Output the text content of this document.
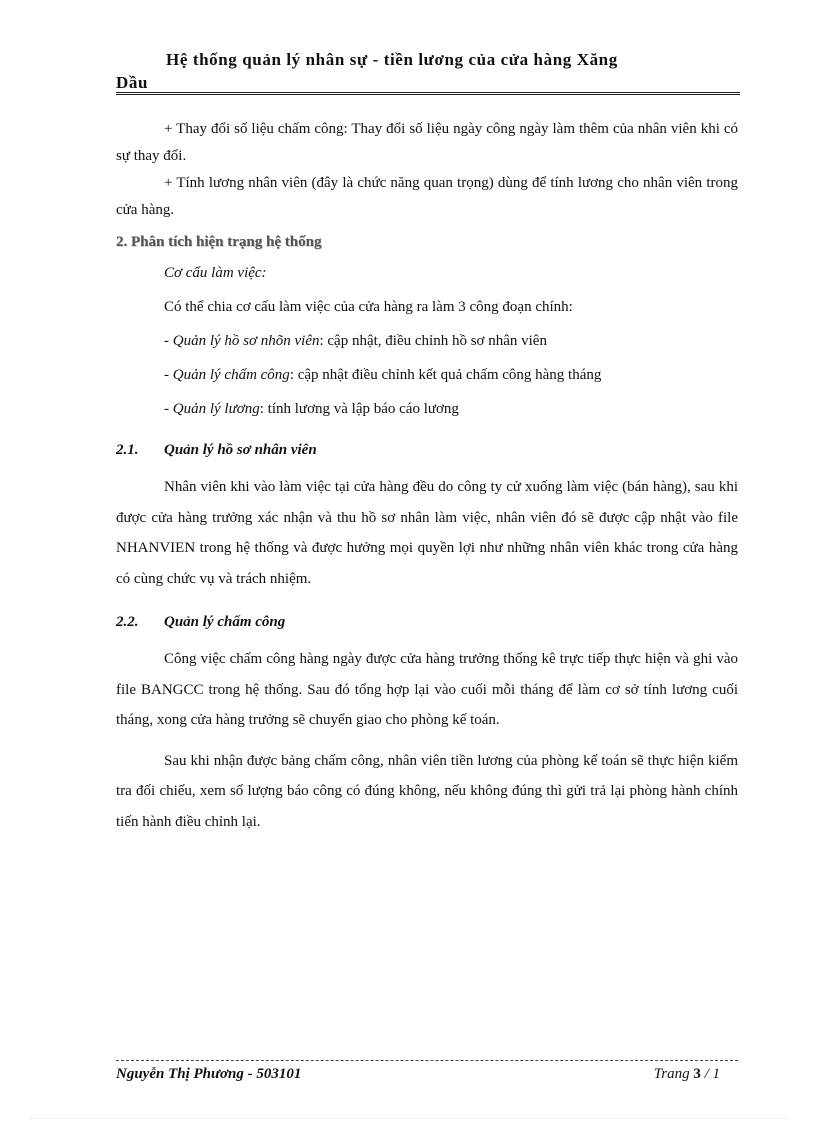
Hệ thống quản lý nhân sự - tiền lương của cửa hàng Xăng
Dầu

+ Thay đổi số liệu chấm công: Thay đổi số liệu ngày công ngày làm thêm của nhân viên khi có sự thay đổi.

+ Tính lương nhân viên (đây là chức năng quan trọng) dùng để tính lương cho nhân viên trong cửa hàng.

2. Phân tích hiện trạng hệ thống

Cơ cấu làm việc:
Có thể chia cơ cấu làm việc của cửa hàng ra làm 3 công đoạn chính:
- Quản lý hồ sơ nhõn viên: cập nhật, điều chỉnh hồ sơ nhân viên
- Quản lý chấm công: cập nhật điều chỉnh kết quả chấm công hàng tháng
- Quản lý lương: tính lương và lập báo cáo lương

2.1. Quản lý hồ sơ nhân viên

Nhân viên khi vào làm việc tại cửa hàng đều do công ty cử xuống làm việc (bán hàng), sau khi được cửa hàng trưởng xác nhận và thu hồ sơ nhân làm việc, nhân viên đó sẽ được cập nhật vào file NHANVIEN trong hệ thống và được hưởng mọi quyền lợi như những nhân viên khác trong cửa hàng có cùng chức vụ và trách nhiệm.

2.2. Quản lý chấm công

Công việc chấm công hàng ngày được cửa hàng trưởng thống kê trực tiếp thực hiện và ghi vào file BANGCC trong hệ thống. Sau đó tổng hợp lại vào cuối mỗi tháng để làm cơ sở tính lương cuối tháng, xong cửa hàng trưởng sẽ chuyển giao cho phòng kế toán.

Sau khi nhận được bảng chấm công, nhân viên tiền lương của phòng kế toán sẽ thực hiện kiểm tra đối chiếu, xem số lượng báo công có đúng không, nếu không đúng thì gửi trả lại phòng hành chính tiến hành điều chỉnh lại.

Nguyễn Thị Phương - 503101	Trang 3 / 1
